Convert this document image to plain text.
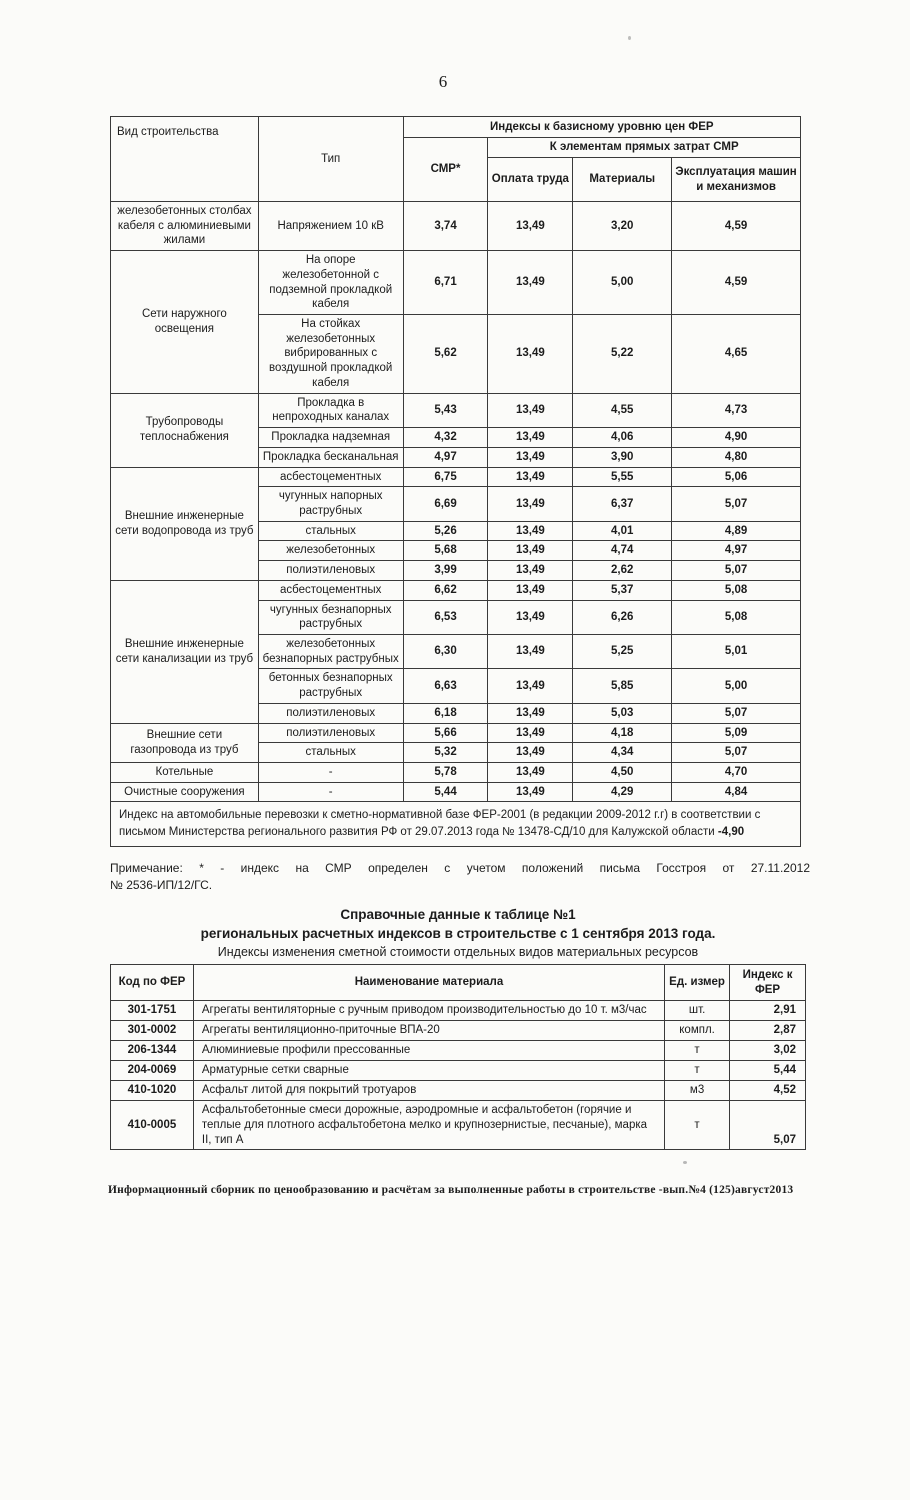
6
Вид строительства	Тип	Индексы к базисному уровню цен ФЕР			
		СМР*	К элементам прямых затрат СМР		
			Оплата труда	Материалы	Эксплуатация машин и механизмов
железобетонных столбах кабеля с алюминиевыми жилами	Напряжением 10 кВ	3,74	13,49	3,20	4,59
Сети наружного освещения	На опоре железобетонной с подземной прокладкой кабеля	6,71	13,49	5,00	4,59
	На стойках железобетонных вибрированных с воздушной прокладкой кабеля	5,62	13,49	5,22	4,65
Трубопроводы теплоснабжения	Прокладка в непроходных каналах	5,43	13,49	4,55	4,73
	Прокладка надземная	4,32	13,49	4,06	4,90
	Прокладка бесканальная	4,97	13,49	3,90	4,80
Внешние инженерные сети водопровода из труб	асбестоцементных	6,75	13,49	5,55	5,06
	чугунных напорных раструбных	6,69	13,49	6,37	5,07
	стальных	5,26	13,49	4,01	4,89
	железобетонных	5,68	13,49	4,74	4,97
	полиэтиленовых	3,99	13,49	2,62	5,07
Внешние инженерные сети канализации из труб	асбестоцементных	6,62	13,49	5,37	5,08
	чугунных безнапорных раструбных	6,53	13,49	6,26	5,08
	железобетонных безнапорных раструбных	6,30	13,49	5,25	5,01
	бетонных безнапорных раструбных	6,63	13,49	5,85	5,00
	полиэтиленовых	6,18	13,49	5,03	5,07
Внешние сети газопровода из труб	полиэтиленовых	5,66	13,49	4,18	5,09
	стальных	5,32	13,49	4,34	5,07
Котельные	-	5,78	13,49	4,50	4,70
Очистные сооружения	-	5,44	13,49	4,29	4,84
Индекс на автомобильные перевозки к сметно-нормативной базе ФЕР-2001 (в редакции 2009-2012 г.г) в соответствии с письмом Министерства регионального развития РФ от 29.07.2013 года № 13478-СД/10 для Калужской области -4,90					
Примечание: * - индекс на СМР определен с учетом положений письма Госстроя от 27.11.2012
№ 2536-ИП/12/ГС.
Справочные данные к таблице №1
региональных расчетных индексов в строительстве с 1 сентября 2013 года.
Индексы изменения сметной стоимости отдельных видов материальных ресурсов
Код по ФЕР	Наименование материала	Ед. измер	Индекс к ФЕР
301-1751	Агрегаты вентиляторные с ручным приводом производительностью до 10 т. м3/час	шт.	2,91
301-0002	Агрегаты вентиляционно-приточные ВПА-20	компл.	2,87
206-1344	Алюминиевые профили прессованные	т	3,02
204-0069	Арматурные сетки сварные	т	5,44
410-1020	Асфальт литой для покрытий тротуаров	м3	4,52
410-0005	Асфальтобетонные смеси дорожные, аэродромные и асфальтобетон (горячие и теплые для плотного асфальтобетона мелко и крупнозернистые, песчаные), марка II, тип А	т	5,07
Информационный сборник по ценообразованию и расчётам за выполненные работы в строительстве -вып.№4 (125)август2013
